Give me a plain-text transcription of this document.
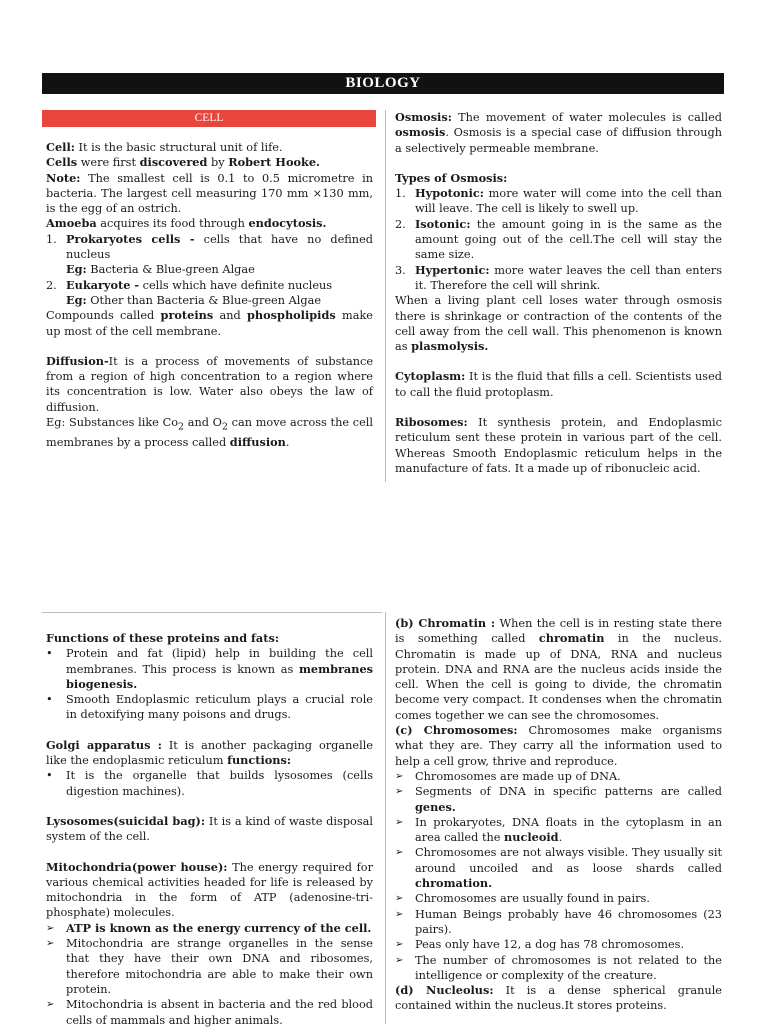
BIOLOGY
CELL

Cell: It is the basic structural unit of life.

Cells were first discovered by Robert Hooke.

Note: The smallest cell is 0.1 to 0.5 micrometre in bacteria. The largest cell measuring 170 mm ×130 mm, is the egg of an ostrich.

Amoeba acquires its food through endocytosis.

1. Prokaryotes cells - cells that have no defined nucleus
Eg: Bacteria & Blue-green Algae
2. Eukaryote - cells which have definite nucleus
Eg: Other than Bacteria & Blue-green Algae

Compounds called proteins and phospholipids make up most of the cell membrane.

Diffusion-It is a process of movements of substance from a region of high concentration to a region where its concentration is low. Water also obeys the law of diffusion.

Eg: Substances like $Co_2$ and $O_2$ can move across the cell membranes by a process called diffusion.

Osmosis: The movement of water molecules is called osmosis. Osmosis is a special case of diffusion through a selectively permeable membrane.

Types of Osmosis:

1. Hypotonic: more water will come into the cell than will leave. The cell is likely to swell up.
2. Isotonic: the amount going in is the same as the amount going out of the cell.The cell will stay the same size.
3. Hypertonic: more water leaves the cell than enters it. Therefore the cell will shrink.

When a living plant cell loses water through osmosis there is shrinkage or contraction of the contents of the cell away from the cell wall. This phenomenon is known as plasmolysis.

Cytoplasm: It is the fluid that fills a cell. Scientists used to call the fluid protoplasm.

Ribosomes: It synthesis protein, and Endoplasmic reticulum sent these protein in various part of the cell. Whereas Smooth Endoplasmic reticulum helps in the manufacture of fats. It a made up of ribonucleic acid.

Functions of these proteins and fats:

• Protein and fat (lipid) help in building the cell membranes. This process is known as membranes biogenesis.
• Smooth Endoplasmic reticulum plays a crucial role in detoxifying many poisons and drugs.

Golgi apparatus : It is another packaging organelle like the endoplasmic reticulum functions:

• It is the organelle that builds lysosomes (cells digestion machines).

Lysosomes(suicidal bag): It is a kind of waste disposal system of the cell.

Mitochondria(power house): The energy required for various chemical activities headed for life is released by mitochondria in the form of ATP (adenosine-tri-phosphate) molecules.

➢ ATP is known as the energy currency of the cell.
➢ Mitochondria are strange organelles in the sense that they have their own DNA and ribosomes, therefore mitochondria are able to make their own protein.
➢ Mitochondria is absent in bacteria and the red blood cells of mammals and higher animals.

(b) Chromatin : When the cell is in resting state there is something called chromatin in the nucleus. Chromatin is made up of DNA, RNA and nucleus protein. DNA and RNA are the nucleus acids inside the cell. When the cell is going to divide, the chromatin become very compact. It condenses when the chromatin comes together we can see the chromosomes.

(c) Chromosomes: Chromosomes make organisms what they are. They carry all the information used to help a cell grow, thrive and reproduce.

➢ Chromosomes are made up of DNA.
➢ Segments of DNA in specific patterns are called genes.
➢ In prokaryotes, DNA floats in the cytoplasm in an area called the nucleoid.
➢ Chromosomes are not always visible. They usually sit around uncoiled and as loose shards called chromation.
➢ Chromosomes are usually found in pairs.
➢ Human Beings probably have 46 chromosomes (23 pairs).
➢ Peas only have 12, a dog has 78 chromosomes.
➢ The number of chromosomes is not related to the intelligence or complexity of the creature.

(d) Nucleolus: It is a dense spherical granule contained within the nucleus.It stores proteins.
